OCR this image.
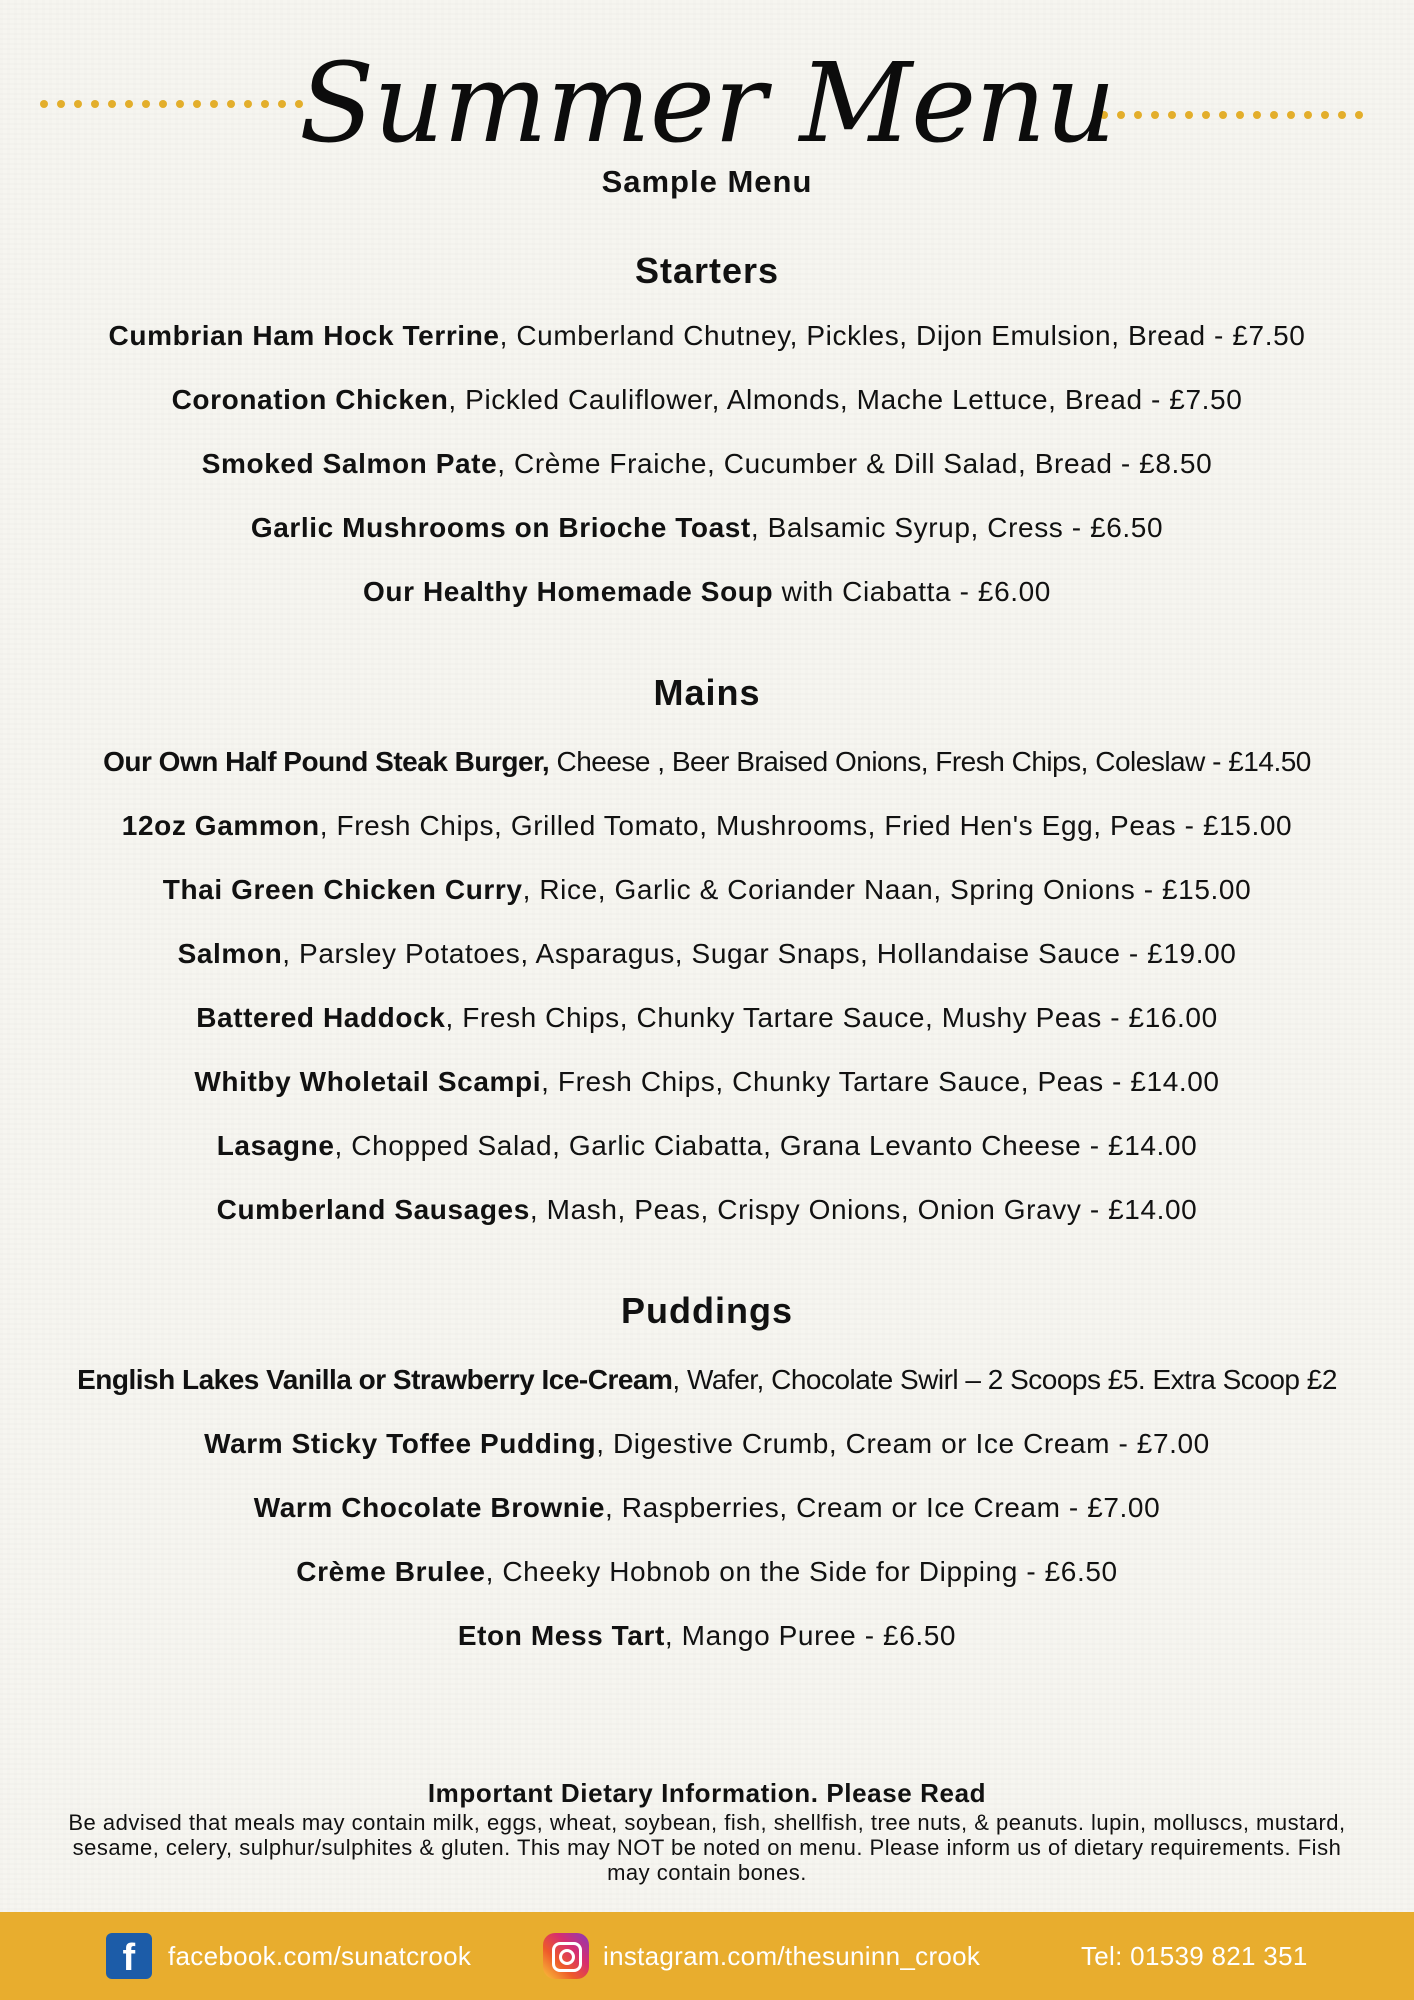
Summer Menu

Sample Menu

Starters

Cumbrian Ham Hock Terrine, Cumberland Chutney, Pickles, Dijon Emulsion, Bread - £7.50

Coronation Chicken, Pickled Cauliflower, Almonds, Mache Lettuce, Bread - £7.50

Smoked Salmon Pate, Crème Fraiche, Cucumber & Dill Salad, Bread - £8.50

Garlic Mushrooms on Brioche Toast, Balsamic Syrup, Cress - £6.50

Our Healthy Homemade Soup with Ciabatta - £6.00

Mains

Our Own Half Pound Steak Burger, Cheese , Beer Braised Onions, Fresh Chips, Coleslaw - £14.50

12oz Gammon, Fresh Chips, Grilled Tomato, Mushrooms, Fried Hen's Egg, Peas - £15.00

Thai Green Chicken Curry, Rice, Garlic & Coriander Naan, Spring Onions - £15.00

Salmon, Parsley Potatoes, Asparagus, Sugar Snaps, Hollandaise Sauce - £19.00

Battered Haddock, Fresh Chips, Chunky Tartare Sauce, Mushy Peas - £16.00

Whitby Wholetail Scampi, Fresh Chips, Chunky Tartare Sauce, Peas - £14.00

Lasagne, Chopped Salad, Garlic Ciabatta, Grana Levanto Cheese - £14.00

Cumberland Sausages, Mash, Peas, Crispy Onions, Onion Gravy - £14.00

Puddings

English Lakes Vanilla or Strawberry Ice-Cream, Wafer, Chocolate Swirl – 2 Scoops £5. Extra Scoop £2

Warm Sticky Toffee Pudding, Digestive Crumb, Cream or Ice Cream - £7.00

Warm Chocolate Brownie, Raspberries, Cream or Ice Cream - £7.00

Crème Brulee, Cheeky Hobnob on the Side for Dipping - £6.50

Eton Mess Tart, Mango Puree - £6.50

Important Dietary Information. Please Read

Be advised that meals may contain milk, eggs, wheat, soybean, fish, shellfish, tree nuts, & peanuts. lupin, molluscs, mustard, sesame, celery, sulphur/sulphites & gluten. This may NOT be noted on menu. Please inform us of dietary requirements. Fish may contain bones.

f	facebook.com/sunatcrook	instagram.com/thesuninn_crook	Tel: 01539 821 351
